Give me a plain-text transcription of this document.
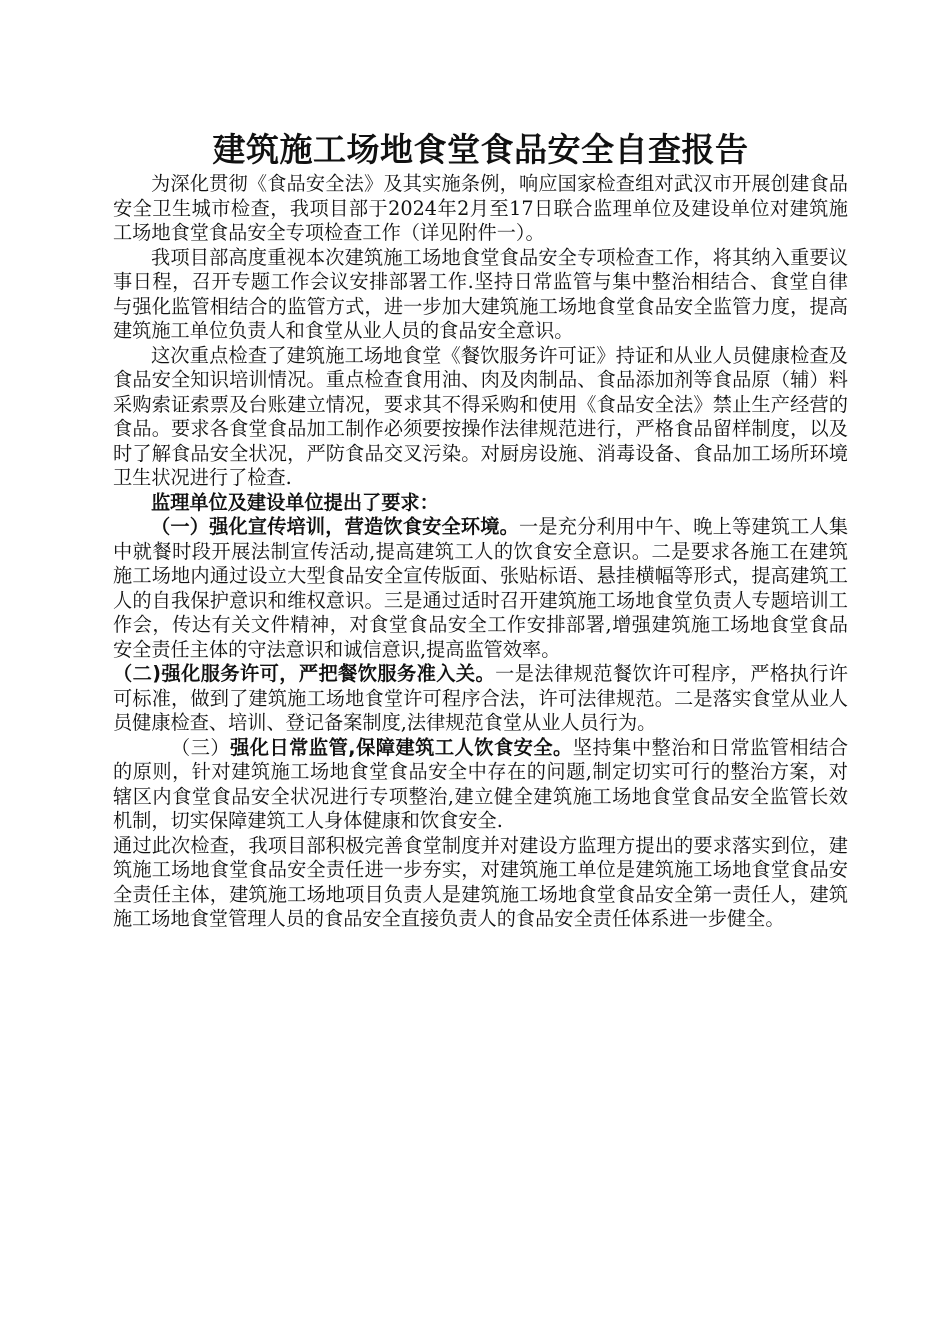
建筑施工场地食堂食品安全自查报告

为深化贯彻《食品安全法》及其实施条例，响应国家检查组对武汉市开展创建食品安全卫生城市检查，我项目部于2024年2月至17日联合监理单位及建设单位对建筑施工场地食堂食品安全专项检查工作（详见附件一）。

我项目部高度重视本次建筑施工场地食堂食品安全专项检查工作，将其纳入重要议事日程，召开专题工作会议安排部署工作.坚持日常监管与集中整治相结合、食堂自律与强化监管相结合的监管方式，进一步加大建筑施工场地食堂食品安全监管力度，提高建筑施工单位负责人和食堂从业人员的食品安全意识。

这次重点检查了建筑施工场地食堂《餐饮服务许可证》持证和从业人员健康检查及食品安全知识培训情况。重点检查食用油、肉及肉制品、食品添加剂等食品原（辅）料采购索证索票及台账建立情况，要求其不得采购和使用《食品安全法》禁止生产经营的食品。要求各食堂食品加工制作必须要按操作法律规范进行，严格食品留样制度，以及时了解食品安全状况，严防食品交叉污染。对厨房设施、消毒设备、食品加工场所环境卫生状况进行了检查.

监理单位及建设单位提出了要求：

（一）强化宣传培训，营造饮食安全环境。一是充分利用中午、晚上等建筑工人集中就餐时段开展法制宣传活动,提高建筑工人的饮食安全意识。二是要求各施工在建筑施工场地内通过设立大型食品安全宣传版面、张贴标语、悬挂横幅等形式，提高建筑工人的自我保护意识和维权意识。三是通过适时召开建筑施工场地食堂负责人专题培训工作会，传达有关文件精神，对食堂食品安全工作安排部署,增强建筑施工场地食堂食品安全责任主体的守法意识和诚信意识,提高监管效率。

（二)强化服务许可，严把餐饮服务准入关。一是法律规范餐饮许可程序，严格执行许可标准，做到了建筑施工场地食堂许可程序合法，许可法律规范。二是落实食堂从业人员健康检查、培训、登记备案制度,法律规范食堂从业人员行为。

（三）强化日常监管,保障建筑工人饮食安全。坚持集中整治和日常监管相结合的原则，针对建筑施工场地食堂食品安全中存在的问题,制定切实可行的整治方案，对辖区内食堂食品安全状况进行专项整治,建立健全建筑施工场地食堂食品安全监管长效机制，切实保障建筑工人身体健康和饮食安全.

通过此次检查，我项目部积极完善食堂制度并对建设方监理方提出的要求落实到位，建筑施工场地食堂食品安全责任进一步夯实，对建筑施工单位是建筑施工场地食堂食品安全责任主体，建筑施工场地项目负责人是建筑施工场地食堂食品安全第一责任人，建筑施工场地食堂管理人员的食品安全直接负责人的食品安全责任体系进一步健全。
